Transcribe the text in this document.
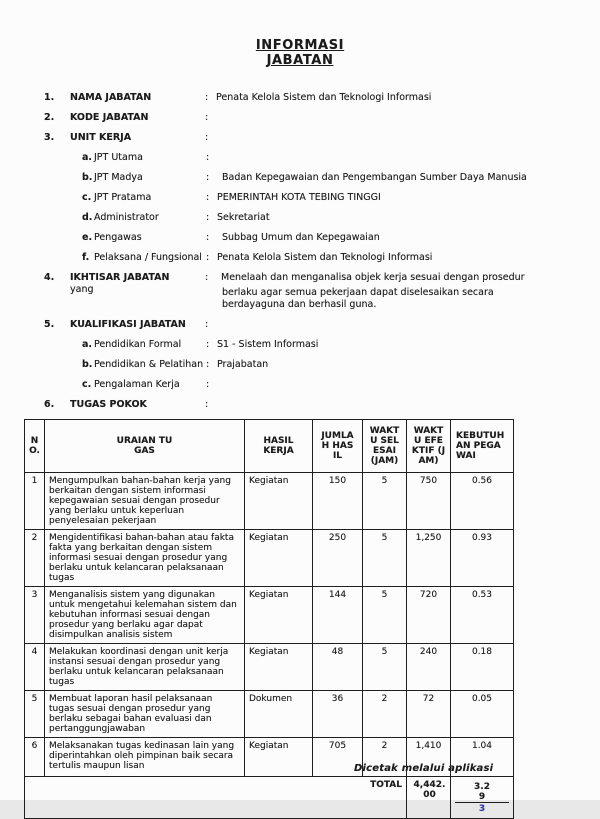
INFORMASI
JABATAN
1.	NAMA JABATAN	: Penata Kelola Sistem dan Teknologi Informasi
2.	KODE JABATAN	:
3.	UNIT KERJA	:
a. JPT Utama	:
b. JPT Madya	:	Badan Kepegawaian dan Pengembangan Sumber Daya Manusia
c. JPT Pratama	: PEMERINTAH KOTA TEBING TINGGI
d. Administrator	: Sekretariat
e. Pengawas	:	Subbag Umum dan Kepegawaian
f. Pelaksana / Fungsional : Penata Kelola Sistem dan Teknologi Informasi
4.	IKHTISAR JABATAN
yang
:	Menelaah dan menganalisa objek kerja sesuai dengan prosedur
berlaku agar semua pekerjaan dapat diselesaikan secara berdayaguna dan berhasil guna.
5.	KUALIFIKASI JABATAN	:
a. Pendidikan Formal	: S1 - Sistem Informasi
b. Pendidikan & Pelatihan : Prajabatan
c. Pengalaman Kerja	:
6.	TUGAS POKOK	:
NO.	URAIAN TUGAS	HASIL KERJA	JUMLAH HASIL	WAKTU SELESAI (JAM)	WAKTU EFEKTIF (JAM)	KEBUTUHAN PEGAWAI
1	Mengumpulkan bahan-bahan kerja yang berkaitan dengan sistem informasi kepegawaian sesuai dengan prosedur yang berlaku untuk keperluan penyelesaian pekerjaan	Kegiatan	150	5	750	0.56
2	Mengidentifikasi bahan-bahan atau fakta fakta yang berkaitan dengan sistem informasi sesuai dengan prosedur yang berlaku untuk kelancaran pelaksanaan tugas	Kegiatan	250	5	1,250	0.93
3	Menganalisis sistem yang digunakan untuk mengetahui kelemahan sistem dan kebutuhan informasi sesuai dengan prosedur yang berlaku agar dapat disimpulkan analisis sistem	Kegiatan	144	5	720	0.53
4	Melakukan koordinasi dengan unit kerja instansi sesuai dengan prosedur yang berlaku untuk kelancaran pelaksanaan tugas	Kegiatan	48	5	240	0.18
5	Membuat laporan hasil pelaksanaan tugas sesuai dengan prosedur yang berlaku sebagai bahan evaluasi dan pertanggungjawaban	Dokumen	36	2	72	0.05
6	Melaksanakan tugas kedinasan lain yang diperintahkan oleh pimpinan baik secara tertulis maupun lisan	Kegiatan	705	2	1,410	1.04
TOTAL					4,442.00	3.29
3
Dicetak melalui aplikasi
